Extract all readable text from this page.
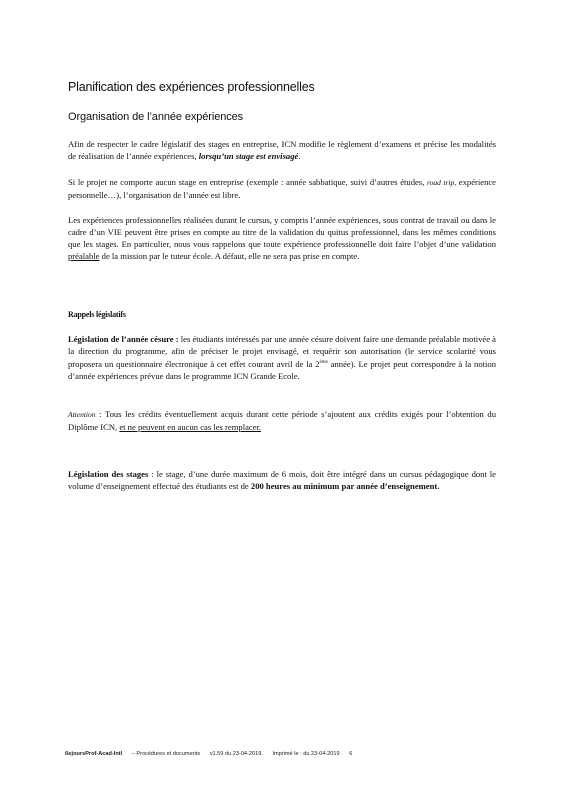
Planification des expériences professionnelles
Organisation de l’année expériences

Afin de respecter le cadre législatif des stages en entreprise, ICN modifie le règlement d’examens et précise les modalités de réalisation de l’année expériences, lorsqu’un stage est envisagé.

Si le projet ne comporte aucun stage en entreprise (exemple : année sabbatique, suivi d’autres études, road trip, expérience personnelle…), l’organisation de l’année est libre.

Les expériences professionnelles réalisées durant le cursus, y compris l’année expériences, sous contrat de travail ou dans le cadre d’un VIE peuvent être prises en compte au titre de la validation du quitus professionnel, dans les mêmes conditions que les stages. En particulier, nous vous rappelons que toute expérience professionnelle doit faire l’objet d’une validation préalable de la mission par le tuteur école. A défaut, elle ne sera pas prise en compte.

Rappels législatifs

Législation de l’année césure : les étudiants intéressés par une année césure doivent faire une demande préalable motivée à la direction du programme, afin de préciser le projet envisagé, et requérir son autorisation (le service scolarité vous proposera un questionnaire électronique à cet effet courant avril de la 2ème année). Le projet peut correspondre à la notion d’année expériences prévue dans le programme ICN Grande Ecole.

Attention : Tous les crédits éventuellement acquis durant cette période s’ajoutent aux crédits exigés pour l’obtention du Diplôme ICN, et ne peuvent en aucun cas les remplacer.

Législation des stages : le stage, d’une durée maximum de 6 mois, doit être intégré dans un cursus pédagogique dont le volume d’enseignement effectué des étudiants est de 200 heures au minimum par année d’enseignement.

ßejoursProf-Acad-Intl – Procédures et documents v1.59 du 23-04-2019. Imprimé le : du 23-04-2019 6
